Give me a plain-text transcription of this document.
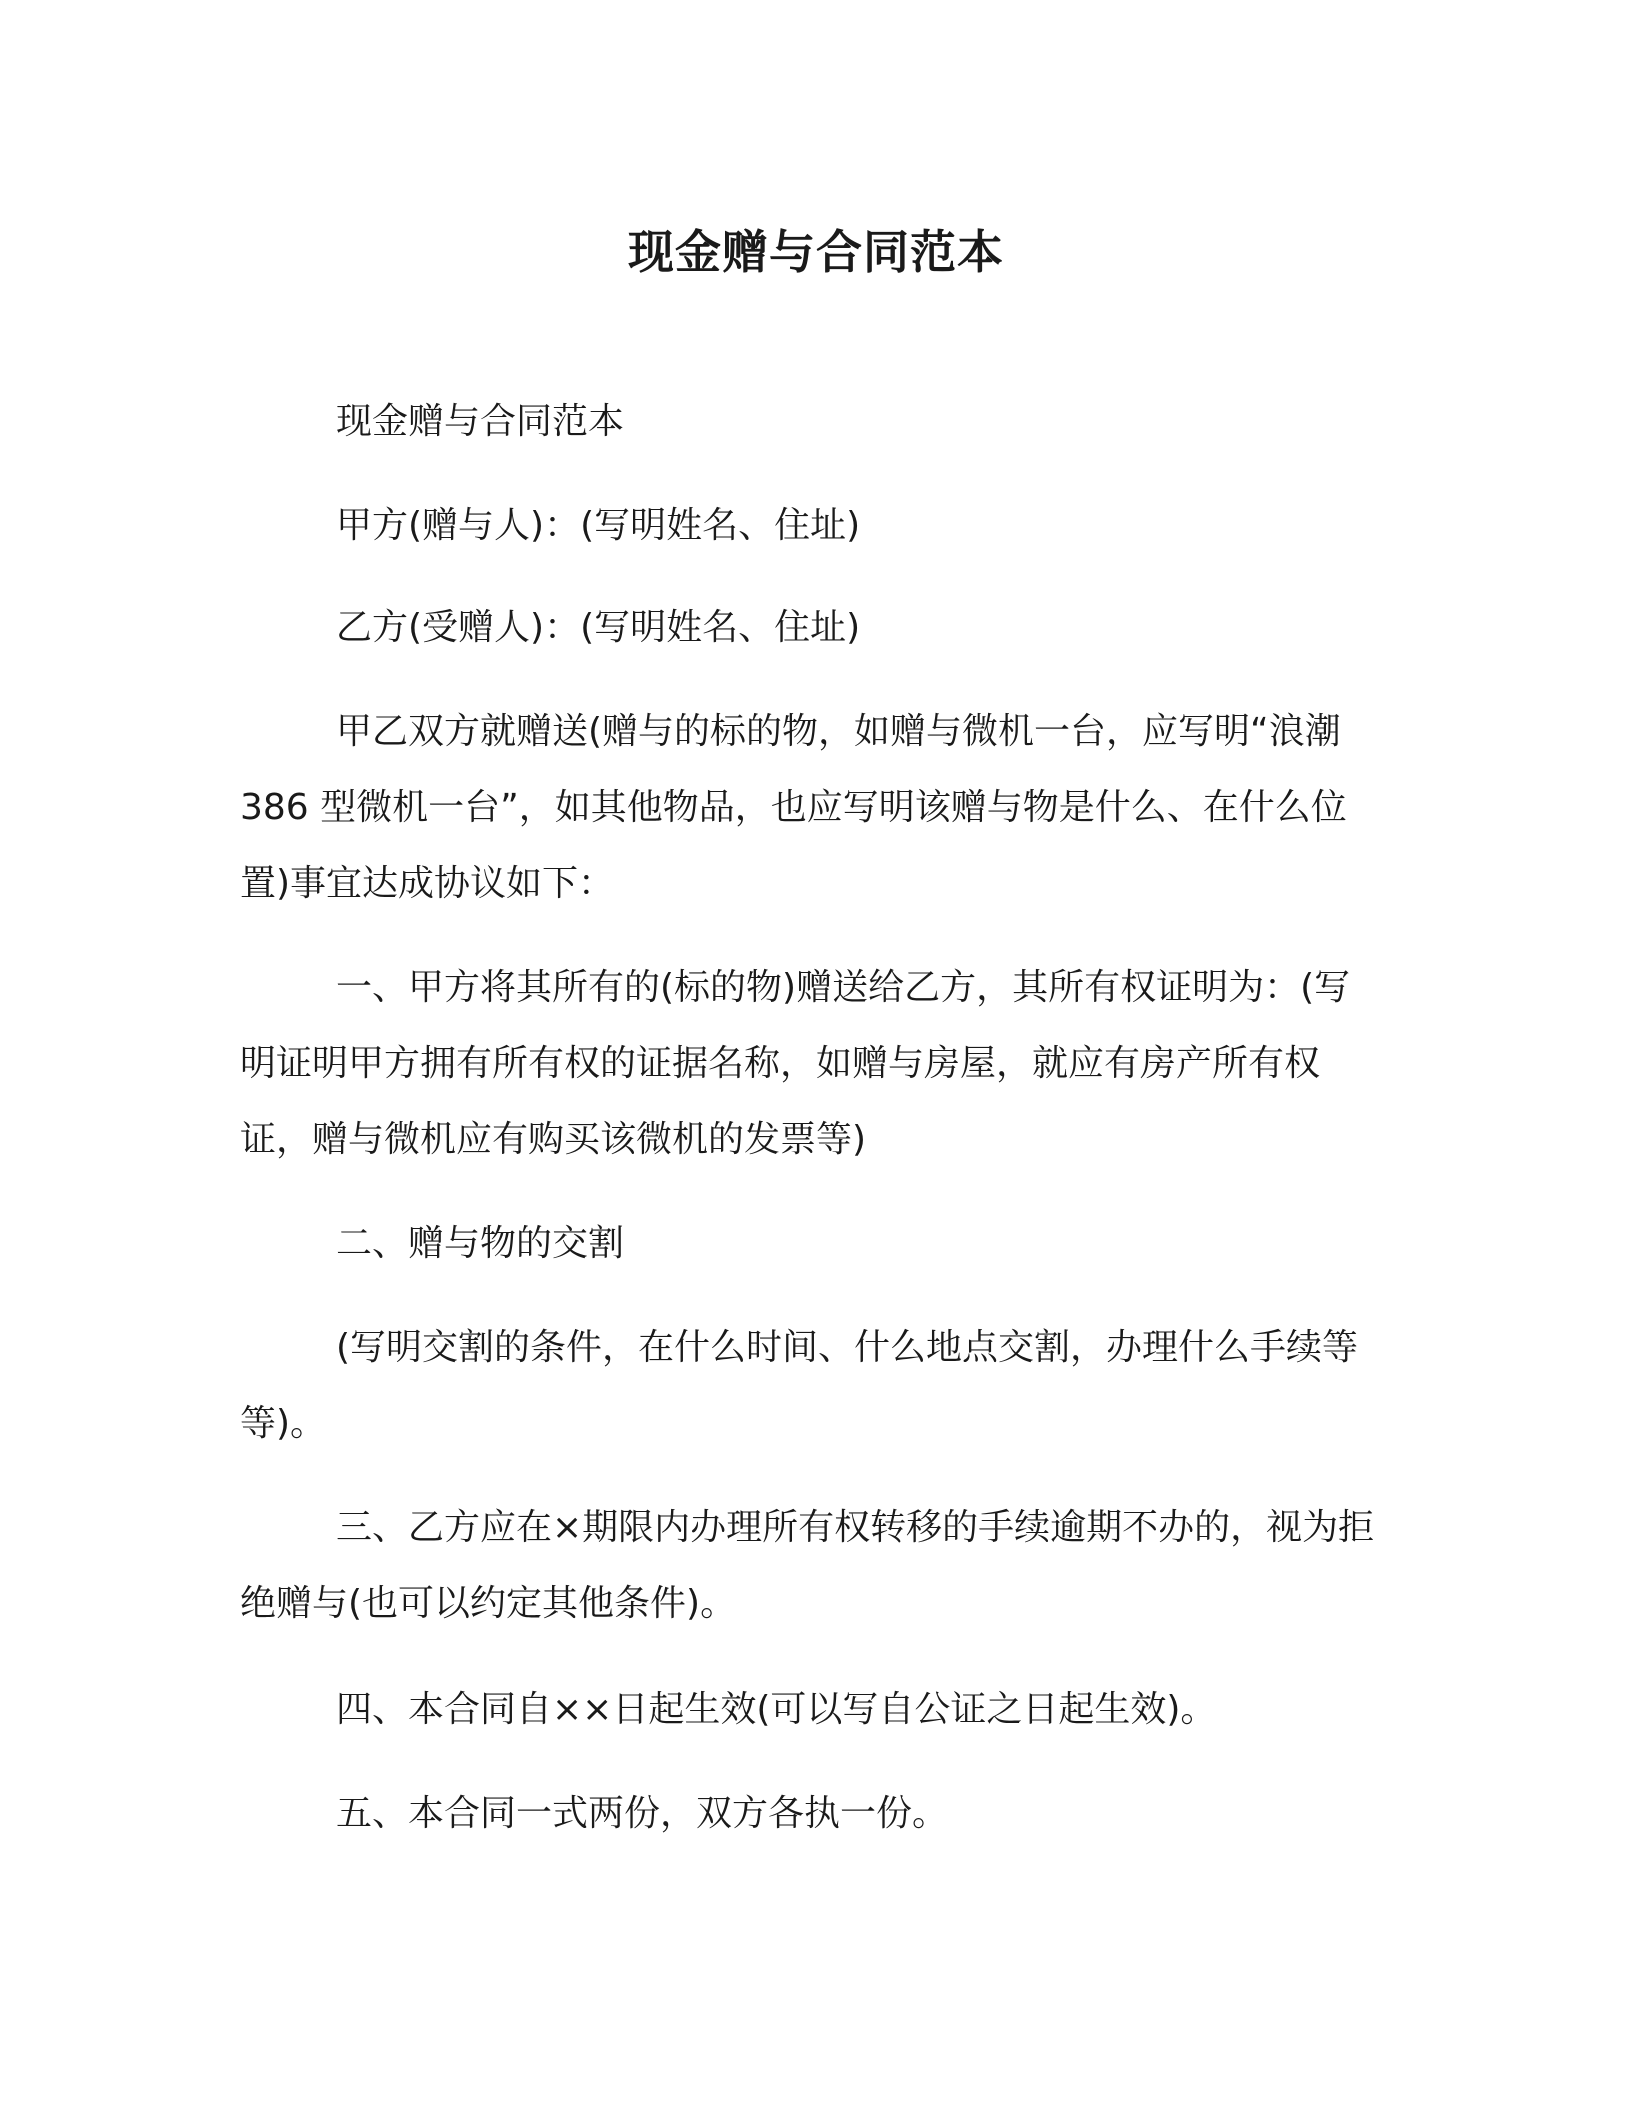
现金赠与合同范本

现金赠与合同范本

甲方(赠与人)：(写明姓名、住址)

乙方(受赠人)：(写明姓名、住址)

甲乙双方就赠送(赠与的标的物，如赠与微机一台，应写明“浪潮 386 型微机一台”，如其他物品，也应写明该赠与物是什么、在什么位置)事宜达成协议如下：

一、甲方将其所有的(标的物)赠送给乙方，其所有权证明为：(写明证明甲方拥有所有权的证据名称，如赠与房屋，就应有房产所有权证，赠与微机应有购买该微机的发票等)

二、赠与物的交割

(写明交割的条件，在什么时间、什么地点交割，办理什么手续等等)。

三、乙方应在×期限内办理所有权转移的手续逾期不办的，视为拒绝赠与(也可以约定其他条件)。

四、本合同自××日起生效(可以写自公证之日起生效)。

五、本合同一式两份，双方各执一份。
